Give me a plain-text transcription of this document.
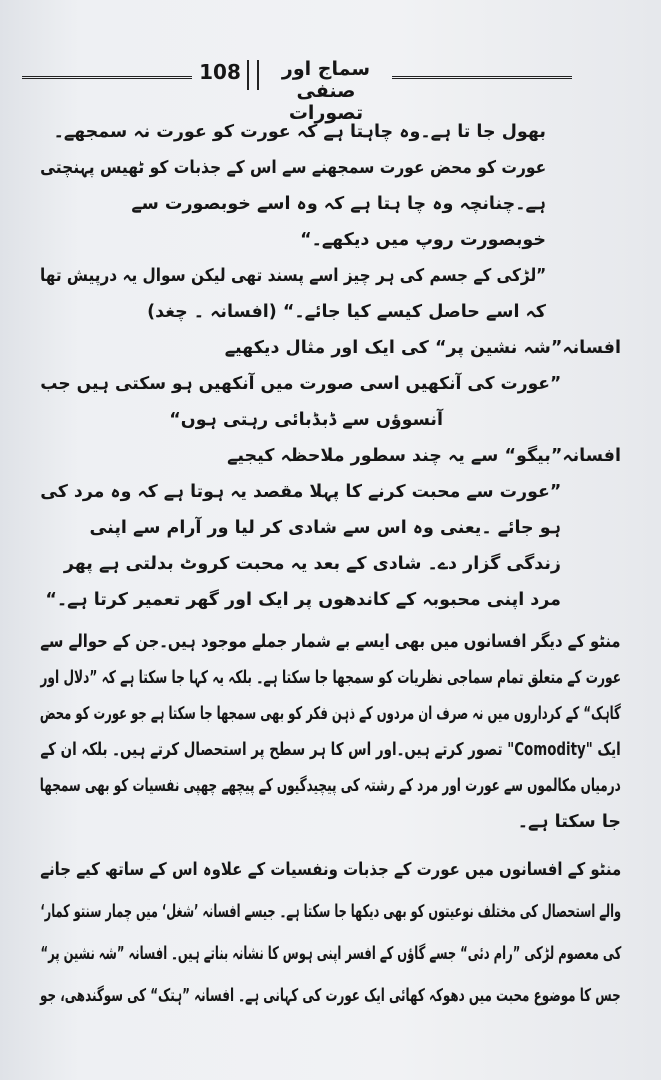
108	سماج اور صنفی تصورات
بھول جا تا ہے۔وہ چاہتا ہے کہ عورت کو عورت نہ سمجھے۔
عورت کو محض عورت سمجھنے سے اس کے جذبات کو ٹھیس پہنچتی
ہے۔چنانچہ وہ چا ہتا ہے کہ وہ اسے خوبصورت سے
خوبصورت روپ میں دیکھے۔“
”لڑکی کے جسم کی ہر چیز اسے پسند تھی لیکن سوال یہ درپیش تھا
کہ اسے حاصل کیسے کیا جائے۔“ (افسانہ ۔ چغد)
افسانہ”شہ نشین پر“ کی ایک اور مثال دیکھیے
”عورت کی آنکھیں اسی صورت میں آنکھیں ہو سکتی ہیں جب
آنسوؤں سے ڈبڈبائی رہتی ہوں“
افسانہ”بیگو“ سے یہ چند سطور ملاحظہ کیجیے
”عورت سے محبت کرنے کا پہلا مقصد یہ ہوتا ہے کہ وہ مرد کی
ہو جائے ۔یعنی وہ اس سے شادی کر لیا ور آرام سے اپنی
زندگی گزار دے۔ شادی کے بعد یہ محبت کروٹ بدلتی ہے پھر
مرد اپنی محبوبہ کے کاندھوں پر ایک اور گھر تعمیر کرتا ہے۔“
منٹو کے دیگر افسانوں میں بھی ایسے بے شمار جملے موجود ہیں۔جن کے حوالے سے
عورت کے متعلق تمام سماجی نظریات کو سمجھا جا سکتا ہے۔ بلکہ یہ کہا جا سکتا ہے کہ ”دلال اور
گاہک“ کے کرداروں میں نہ صرف ان مردوں کے ذہن فکر کو بھی سمجھا جا سکتا ہے جو عورت کو محض
ایک "Comodity" تصور کرتے ہیں۔اور اس کا ہر سطح پر استحصال کرتے ہیں۔ بلکہ ان کے
درمیاں مکالموں سے عورت اور مرد کے رشتہ کی پیچیدگیوں کے پیچھے چھپی نفسیات کو بھی سمجھا
جا سکتا ہے۔
منٹو کے افسانوں میں عورت کے جذبات ونفسیات کے علاوہ اس کے ساتھ کیے جانے
والے استحصال کی مختلف نوعیتوں کو بھی دیکھا جا سکتا ہے۔ جیسے افسانہ ’شغل‘ میں چمار سنتو کمار‘
کی معصوم لڑکی ”رام دئی“ جسے گاؤں کے افسر اپنی ہوس کا نشانہ بناتے ہیں۔ افسانہ ”شہ نشین پر“
جس کا موضوع محبت میں دھوکہ کھائی ایک عورت کی کہانی ہے۔ افسانہ ”ہتک“ کی سوگندھی، جو
